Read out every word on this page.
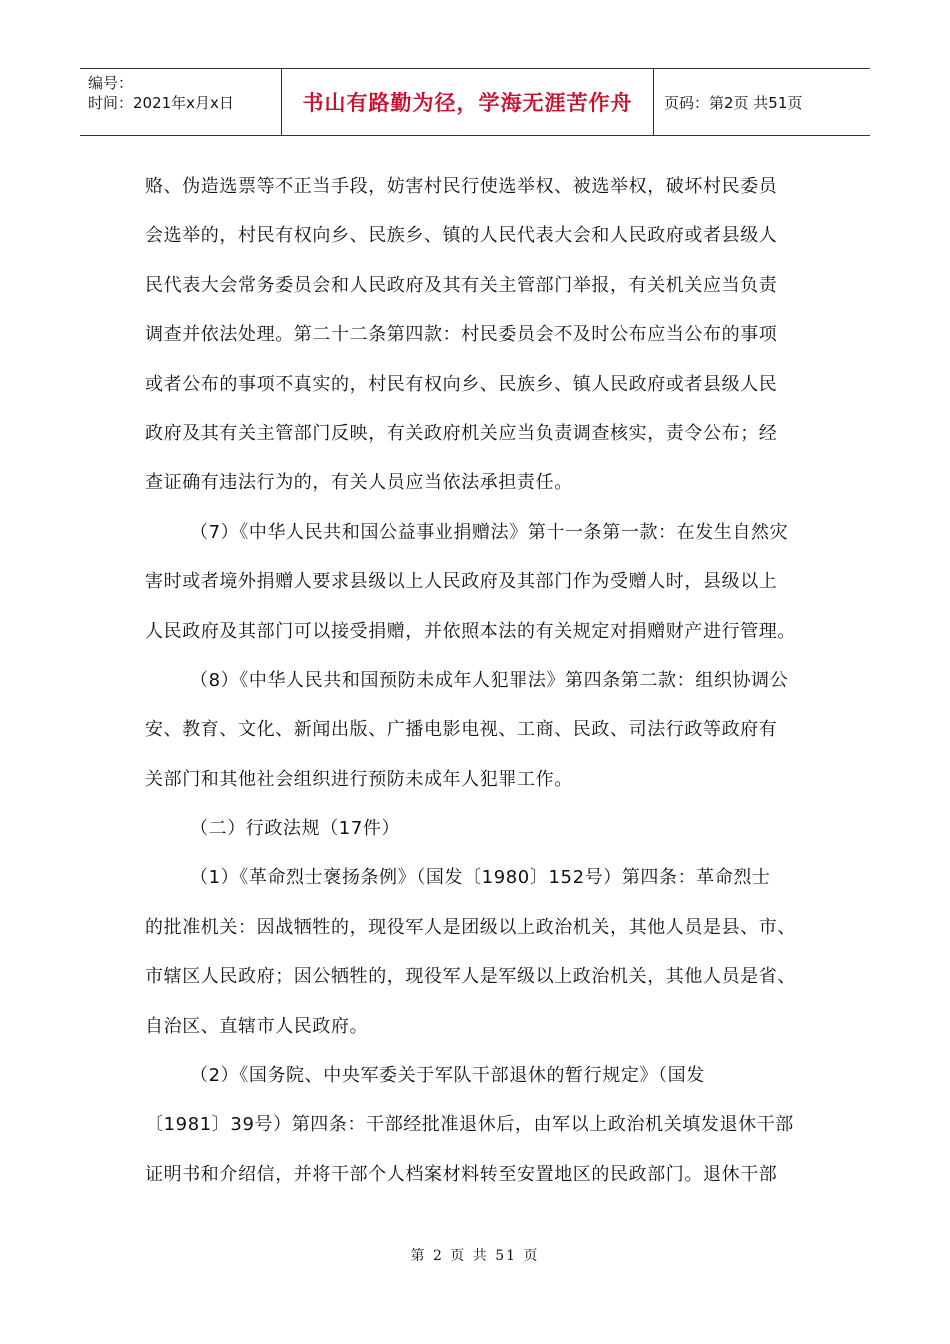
编号：
时间：2021年x月x日	书山有路勤为径，学海无涯苦作舟 页码：第2页 共51页
赂、伪造选票等不正当手段，妨害村民行使选举权、被选举权，破坏村民委员
会选举的，村民有权向乡、民族乡、镇的人民代表大会和人民政府或者县级人
民代表大会常务委员会和人民政府及其有关主管部门举报，有关机关应当负责
调查并依法处理。第二十二条第四款：村民委员会不及时公布应当公布的事项
或者公布的事项不真实的，村民有权向乡、民族乡、镇人民政府或者县级人民
政府及其有关主管部门反映，有关政府机关应当负责调查核实，责令公布；经
查证确有违法行为的，有关人员应当依法承担责任。
（7）《中华人民共和国公益事业捐赠法》第十一条第一款：在发生自然灾
害时或者境外捐赠人要求县级以上人民政府及其部门作为受赠人时，县级以上
人民政府及其部门可以接受捐赠，并依照本法的有关规定对捐赠财产进行管理。
（8）《中华人民共和国预防未成年人犯罪法》第四条第二款：组织协调公
安、教育、文化、新闻出版、广播电影电视、工商、民政、司法行政等政府有
关部门和其他社会组织进行预防未成年人犯罪工作。
（二）行政法规（17件）
（1）《革命烈士褒扬条例》（国发〔1980〕152号）第四条：革命烈士
的批准机关：因战牺牲的，现役军人是团级以上政治机关，其他人员是县、市、
市辖区人民政府；因公牺牲的，现役军人是军级以上政治机关，其他人员是省、
自治区、直辖市人民政府。
（2）《国务院、中央军委关于军队干部退休的暂行规定》（国发
〔1981〕39号）第四条：干部经批准退休后，由军以上政治机关填发退休干部
证明书和介绍信，并将干部个人档案材料转至安置地区的民政部门。退休干部
第 2 页 共 51 页
